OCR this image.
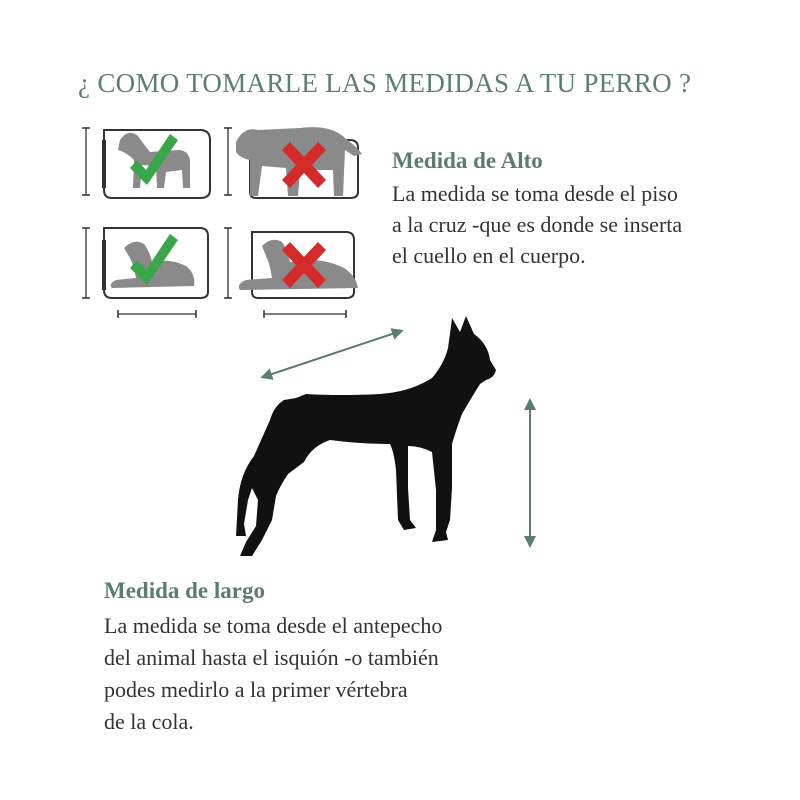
¿ COMO TOMARLE LAS MEDIDAS A TU PERRO ?
Medida de Alto
La medida se toma desde el piso
a la cruz -que es donde se inserta
el cuello en el cuerpo.
Medida de largo
La medida se toma desde el antepecho
del animal hasta el isquión -o también
podes medirlo a la primer vértebra
de la cola.
